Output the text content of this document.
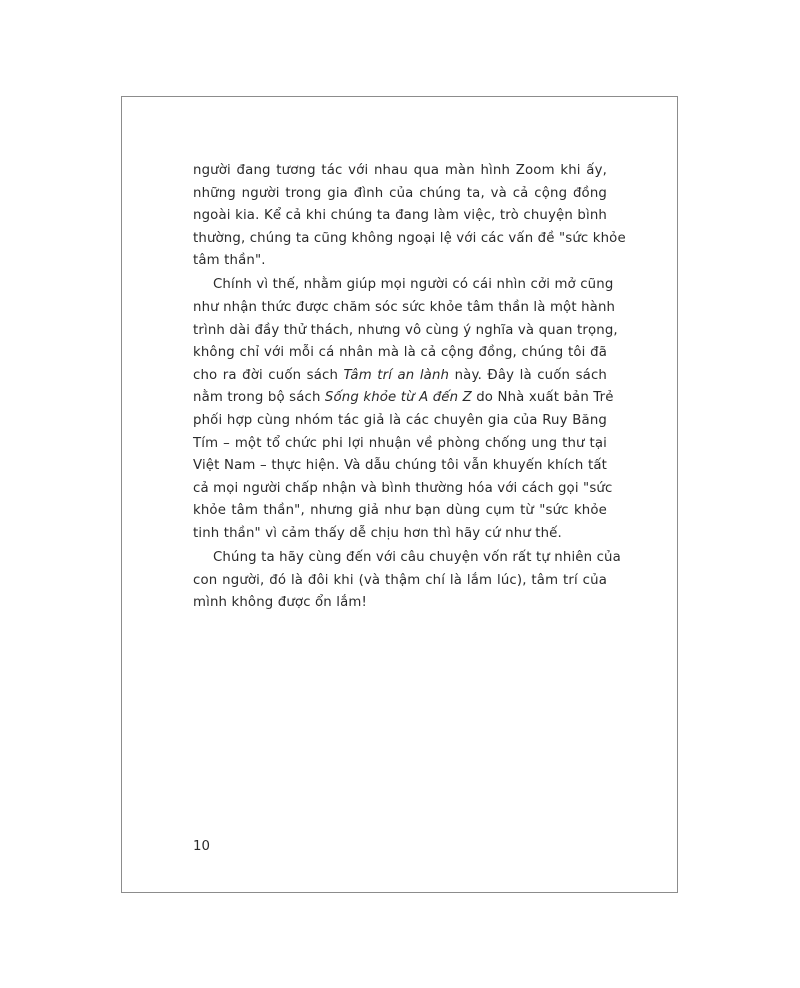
người đang tương tác với nhau qua màn hình Zoom khi ấy,
những người trong gia đình của chúng ta, và cả cộng đồng
ngoài kia. Kể cả khi chúng ta đang làm việc, trò chuyện bình
thường, chúng ta cũng không ngoại lệ với các vấn đề "sức khỏe
tâm thần".
Chính vì thế, nhằm giúp mọi người có cái nhìn cởi mở cũng
như nhận thức được chăm sóc sức khỏe tâm thần là một hành
trình dài đầy thử thách, nhưng vô cùng ý nghĩa và quan trọng,
không chỉ với mỗi cá nhân mà là cả cộng đồng, chúng tôi đã
cho ra đời cuốn sách Tâm trí an lành này. Đây là cuốn sách
nằm trong bộ sách Sống khỏe từ A đến Z do Nhà xuất bản Trẻ
phối hợp cùng nhóm tác giả là các chuyên gia của Ruy Băng
Tím – một tổ chức phi lợi nhuận về phòng chống ung thư tại
Việt Nam – thực hiện. Và dẫu chúng tôi vẫn khuyến khích tất
cả mọi người chấp nhận và bình thường hóa với cách gọi "sức
khỏe tâm thần", nhưng giả như bạn dùng cụm từ "sức khỏe
tinh thần" vì cảm thấy dễ chịu hơn thì hãy cứ như thế.
Chúng ta hãy cùng đến với câu chuyện vốn rất tự nhiên của
con người, đó là đôi khi (và thậm chí là lắm lúc), tâm trí của
mình không được ổn lắm!
10
